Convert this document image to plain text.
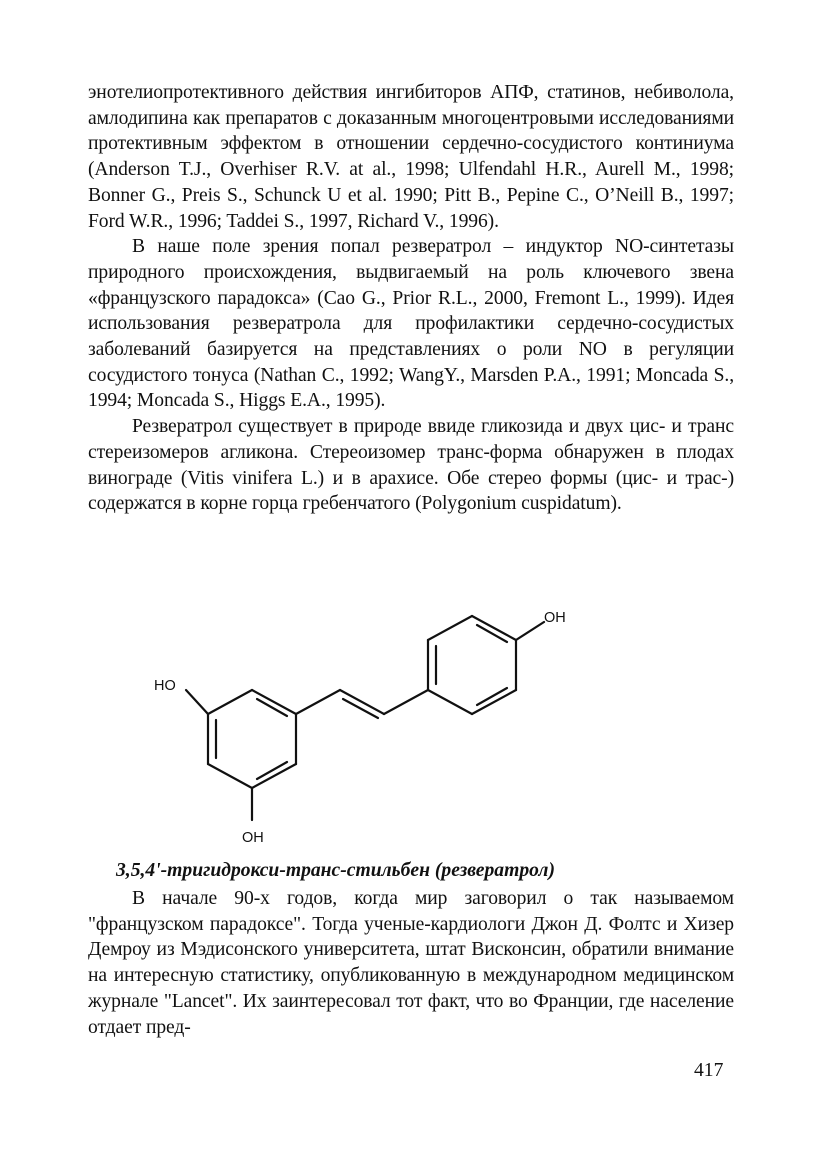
энотелиопротективного действия ингибиторов АПФ, статинов, небиволола, амлодипина как препаратов с доказанным многоцентровыми исследованиями протективным эффектом в отношении сердечно-сосудистого континиума (Anderson T.J., Overhiser R.V. at al., 1998; Ulfendahl H.R., Aurell M., 1998; Bonner G., Preis S., Schunck U et al. 1990; Pitt B., Pepine C., O’Neill B., 1997; Ford W.R., 1996; Taddei S., 1997, Richard V., 1996).

В наше поле зрения попал резвератрол – индуктор NO-синтетазы природного происхождения, выдвигаемый на роль ключевого звена «французского парадокса» (Cao G., Prior R.L., 2000, Fremont L., 1999). Идея использования резвератрола для профилактики сердечно-сосудистых заболеваний базируется на представлениях о роли NO в регуляции сосудистого тонуса (Nathan C., 1992; WangY., Marsden P.A., 1991; Moncada S., 1994; Moncada S., Higgs E.A., 1995).

Резвератрол существует в природе ввиде гликозида и двух цис- и транс стереизомеров агликона. Стереоизомер транс-форма обнаружен в плодах винограде (Vitis vinifera L.) и в арахисе. Обе стерео формы (цис- и трас-) содержатся в корне горца гребенчатого (Polygonium cuspidatum).

OH
HO
OH
3,5,4'-тригидрокси-транс-стильбен (резвератрол)

В начале 90-х годов, когда мир заговорил о так называемом "французском парадоксе". Тогда ученые-кардиологи Джон Д. Фолтс и Хизер Демроу из Мэдисонского университета, штат Висконсин, обратили внимание на интересную статистику, опубликованную в международном медицинском журнале "Lancet". Их заинтересовал тот факт, что во Франции, где население отдает пред-

417
